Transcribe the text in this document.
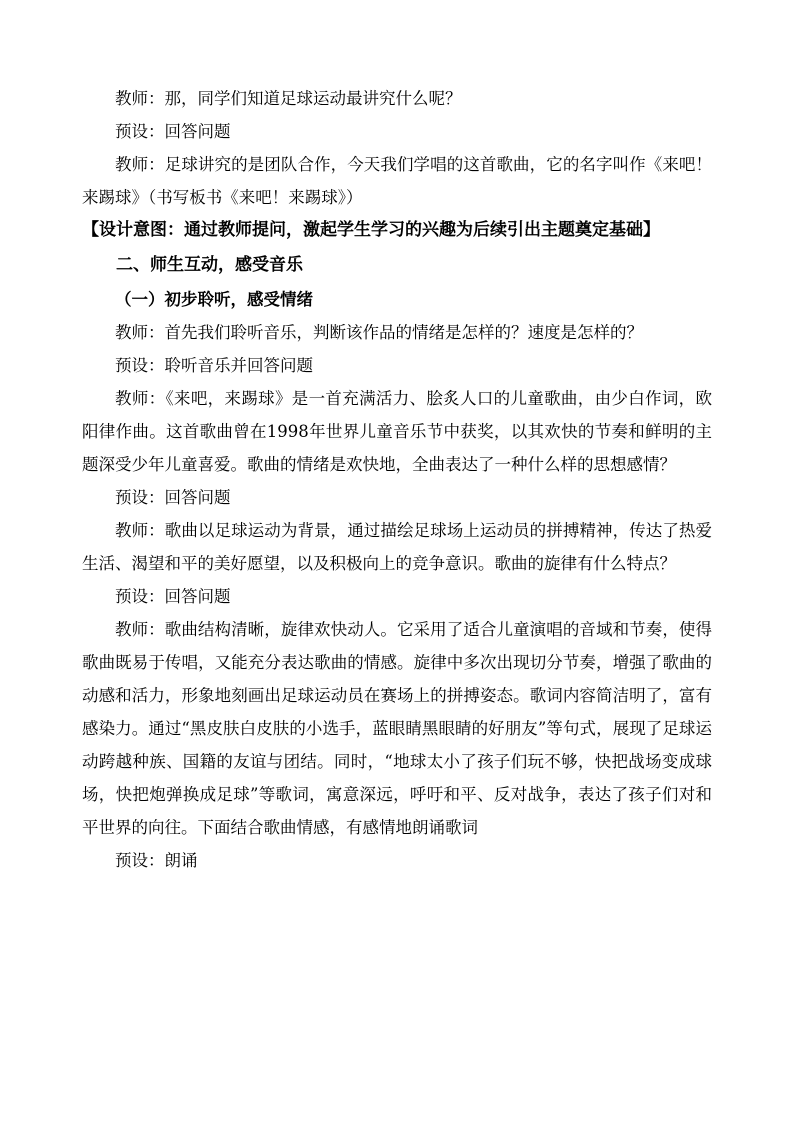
教师：那，同学们知道足球运动最讲究什么呢？

预设：回答问题

教师：足球讲究的是团队合作，今天我们学唱的这首歌曲，它的名字叫作《来吧！来踢球》（书写板书《来吧！来踢球》）

【设计意图：通过教师提问，激起学生学习的兴趣为后续引出主题奠定基础】

二、师生互动，感受音乐

（一）初步聆听，感受情绪

教师：首先我们聆听音乐，判断该作品的情绪是怎样的？速度是怎样的？

预设：聆听音乐并回答问题

教师：《来吧，来踢球》是一首充满活力、脍炙人口的儿童歌曲，由少白作词，欧阳律作曲。这首歌曲曾在1998年世界儿童音乐节中获奖，以其欢快的节奏和鲜明的主题深受少年儿童喜爱。歌曲的情绪是欢快地，全曲表达了一种什么样的思想感情？

预设：回答问题

教师：歌曲以足球运动为背景，通过描绘足球场上运动员的拼搏精神，传达了热爱生活、渴望和平的美好愿望，以及积极向上的竞争意识。歌曲的旋律有什么特点？

预设：回答问题

教师：歌曲结构清晰，旋律欢快动人。它采用了适合儿童演唱的音域和节奏，使得歌曲既易于传唱，又能充分表达歌曲的情感。旋律中多次出现切分节奏，增强了歌曲的动感和活力，形象地刻画出足球运动员在赛场上的拼搏姿态。歌词内容简洁明了，富有感染力。通过“黑皮肤白皮肤的小选手，蓝眼睛黑眼睛的好朋友”等句式，展现了足球运动跨越种族、国籍的友谊与团结。同时，“地球太小了孩子们玩不够，快把战场变成球场，快把炮弹换成足球”等歌词，寓意深远，呼吁和平、反对战争，表达了孩子们对和平世界的向往。下面结合歌曲情感，有感情地朗诵歌词

预设：朗诵
